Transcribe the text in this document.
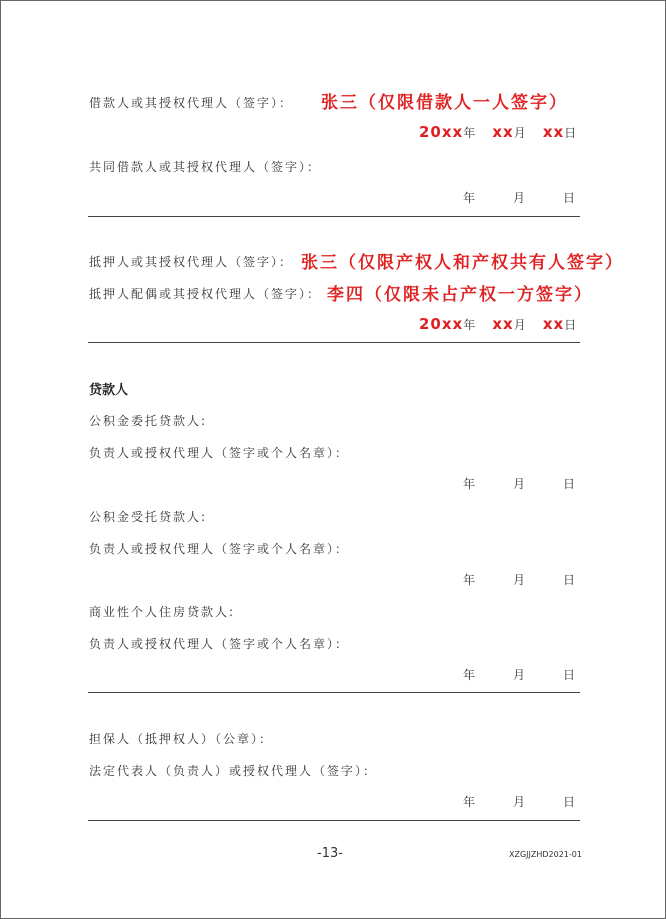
借款人或其授权代理人（签字）： 张三（仅限借款人一人签字）
20xx年 xx月 xx日
共同借款人或其授权代理人（签字）：
年	月	日
抵押人或其授权代理人（签字）： 张三（仅限产权人和产权共有人签字）
抵押人配偶或其授权代理人（签字）： 李四（仅限未占产权一方签字）
20xx年 xx月 xx日
贷款人
公积金委托贷款人:
负责人或授权代理人（签字或个人名章）：
年	月	日
公积金受托贷款人:
负责人或授权代理人（签字或个人名章）：
年	月	日
商业性个人住房贷款人:
负责人或授权代理人（签字或个人名章）：
年	月	日
担保人（抵押权人）（公章）：
法定代表人（负责人）或授权代理人（签字）：
年	月	日
-13-	XZGJJZHD2021-01
